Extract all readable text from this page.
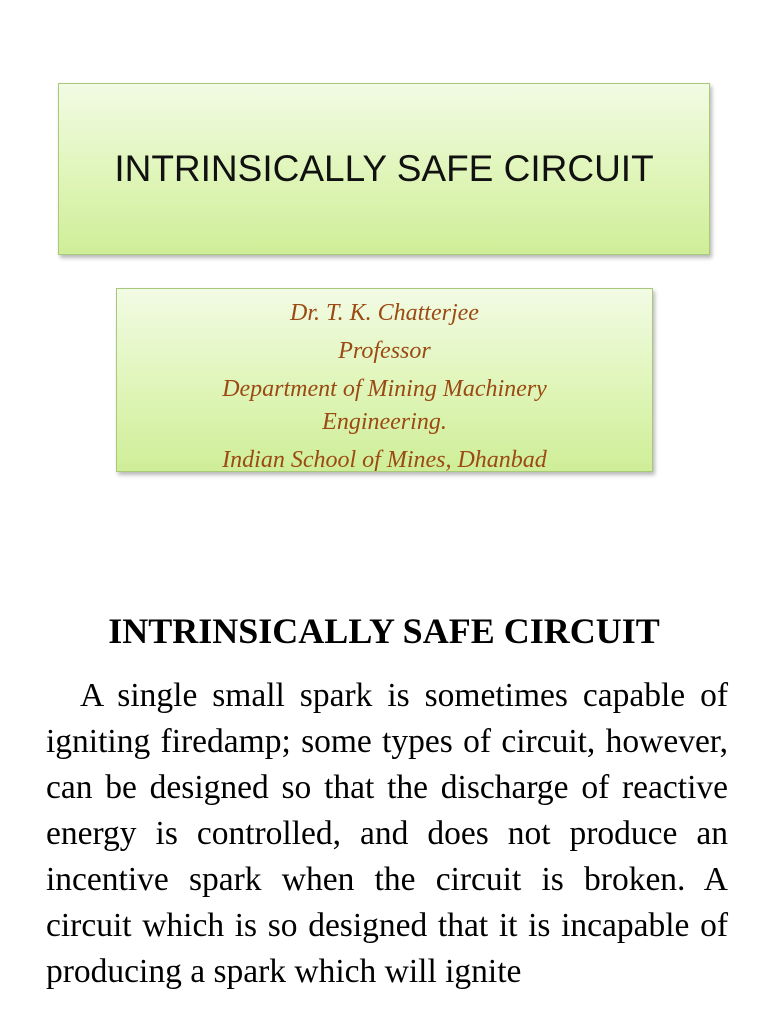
INTRINSICALLY SAFE CIRCUIT
Dr. T. K. Chatterjee
Professor
Department of Mining Machinery
Engineering.
Indian School of Mines, Dhanbad
INTRINSICALLY SAFE CIRCUIT

A single small spark is sometimes capable of igniting firedamp; some types of circuit, however, can be designed so that the discharge of reactive energy is controlled, and does not produce an incentive spark when the circuit is broken. A circuit which is so designed that it is incapable of producing a spark which will ignite
